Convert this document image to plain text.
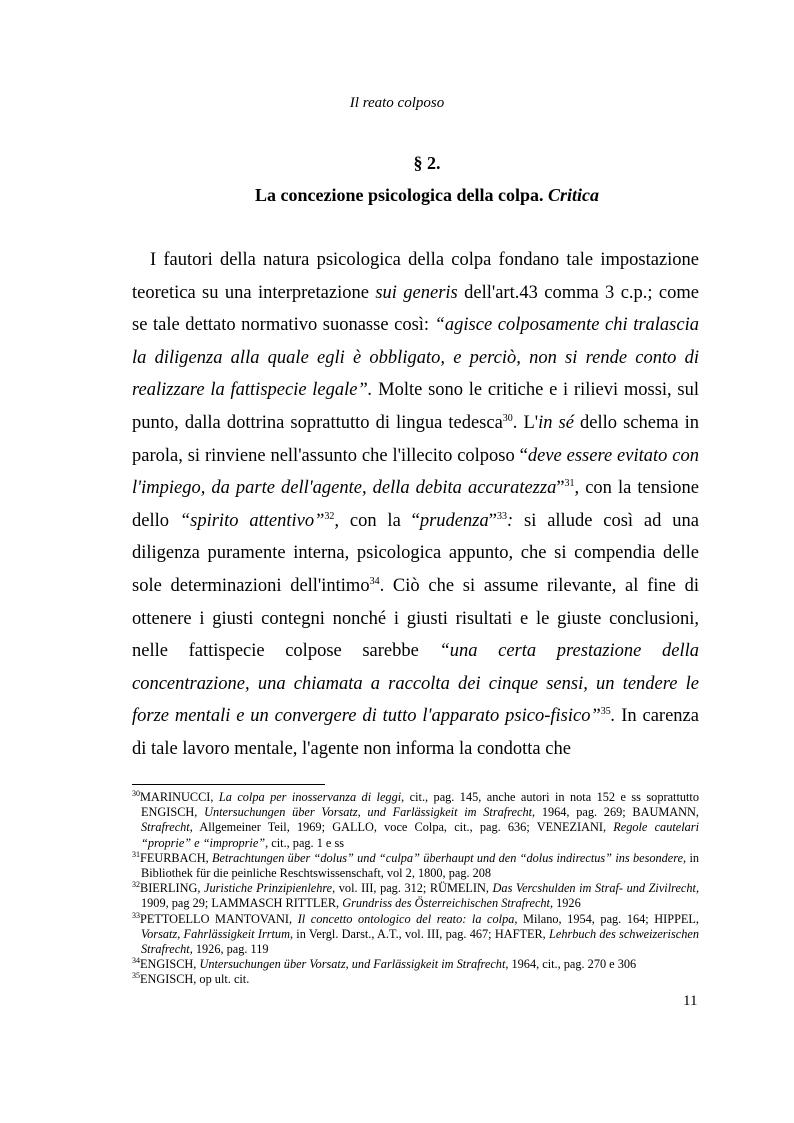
Il reato colposo
§ 2.
La concezione psicologica della colpa. Critica

I fautori della natura psicologica della colpa fondano tale impostazione teoretica su una interpretazione sui generis dell'art.43 comma 3 c.p.; come se tale dettato normativo suonasse così: “agisce colposamente chi tralascia la diligenza alla quale egli è obbligato, e perciò, non si rende conto di realizzare la fattispecie legale”. Molte sono le critiche e i rilievi mossi, sul punto, dalla dottrina soprattutto di lingua tedesca$^{30}$. L'in sé dello schema in parola, si rinviene nell'assunto che l'illecito colposo “deve essere evitato con l'impiego, da parte dell'agente, della debita accuratezza”$^{31}$, con la tensione dello “spirito attentivo”$^{32}$, con la “prudenza”$^{33}$: si allude così ad una diligenza puramente interna, psicologica appunto, che si compendia delle sole determinazioni dell'intimo$^{34}$. Ciò che si assume rilevante, al fine di ottenere i giusti contegni nonché i giusti risultati e le giuste conclusioni, nelle fattispecie colpose sarebbe “una certa prestazione della concentrazione, una chiamata a raccolta dei cinque sensi, un tendere le forze mentali e un convergere di tutto l'apparato psico-fisico”$^{35}$. In carenza di tale lavoro mentale, l'agente non informa la condotta che

$^{30}$MARINUCCI, La colpa per inosservanza di leggi, cit., pag. 145, anche autori in nota 152 e ss soprattutto ENGISCH, Untersuchungen über Vorsatz, und Farlässigkeit im Strafrecht, 1964, pag. 269; BAUMANN, Strafrecht, Allgemeiner Teil, 1969; GALLO, voce Colpa, cit., pag. 636; VENEZIANI, Regole cautelari “proprie” e “improprie”, cit., pag. 1 e ss

$^{31}$FEURBACH, Betrachtungen über “dolus” und “culpa” überhaupt und den “dolus indirectus” ins besondere, in Bibliothek für die peinliche Reschtswissenschaft, vol 2, 1800, pag. 208

$^{32}$BIERLING, Juristiche Prinzipienlehre, vol. III, pag. 312; RÜMELIN, Das Vercshulden im Straf- und Zivilrecht, 1909, pag 29; LAMMASCH RITTLER, Grundriss des Österreichischen Strafrecht, 1926

$^{33}$PETTOELLO MANTOVANI, Il concetto ontologico del reato: la colpa, Milano, 1954, pag. 164; HIPPEL, Vorsatz, Fahrlässigkeit Irrtum, in Vergl. Darst., A.T., vol. III, pag. 467; HAFTER, Lehrbuch des schweizerischen Strafrecht, 1926, pag. 119

$^{34}$ENGISCH, Untersuchungen über Vorsatz, und Farlässigkeit im Strafrecht, 1964, cit., pag. 270 e 306

$^{35}$ENGISCH, op ult. cit.

11
